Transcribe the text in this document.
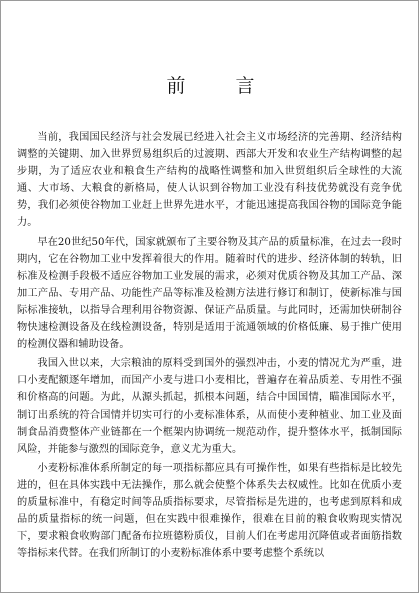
前 言

当前，我国国民经济与社会发展已经进入社会主义市场经济的完善期、经济结构调整的关键期、加入世界贸易组织后的过渡期、西部大开发和农业生产结构调整的起步期，为了适应农业和粮食生产结构的战略性调整和加入世贸组织后全球性的大流通、大市场、大粮食的新格局，使人认识到谷物加工业没有科技优势就没有竞争优势，我们必须使谷物加工业赶上世界先进水平，才能迅速提高我国谷物的国际竞争能力。

早在20世纪50年代，国家就颁布了主要谷物及其产品的质量标准，在过去一段时期内，它在谷物加工业中发挥着很大的作用。随着时代的进步、经济体制的转轨，旧标准及检测手段极不适应谷物加工业发展的需求，必须对优质谷物及其加工产品、深加工产品、专用产品、功能性产品等标准及检测方法进行修订和制订，使新标准与国际标准接轨，以指导合理利用谷物资源、保证产品质量。与此同时，还需加快研制谷物快速检测设备及在线检测设备，特别是适用于流通领域的价格低廉、易于推广使用的检测仪器和辅助设备。

我国入世以来，大宗粮油的原料受到国外的强烈冲击，小麦的情况尤为严重，进口小麦配额逐年增加，而国产小麦与进口小麦相比，普遍存在着品质差、专用性不强和价格高的问题。为此，从源头抓起，抓根本问题，结合中国国情，瞄准国际水平，制订出系统的符合国情并切实可行的小麦标准体系，从而使小麦种植业、加工业及面制食品消费整体产业链都在一个框架内协调统一规范动作，提升整体水平，抵制国际风险，并能参与激烈的国际竞争，意义尤为重大。

小麦粉标准体系所制定的每一项指标都应具有可操作性，如果有些指标是比较先进的，但在具体实践中无法操作，那么就会使整个体系失去权威性。比如在优质小麦的质量标准中，有稳定时间等品质指标要求，尽管指标是先进的，也考虑到原料和成品的质量指标的统一问题，但在实践中很难操作，很难在目前的粮食收购现实情况下，要求粮食收购部门配备布拉班德粉质仪，目前人们在考虑用沉降值或者面筋指数等指标来代替。在我们所制订的小麦粉标准体系中要考虑整个系统以
